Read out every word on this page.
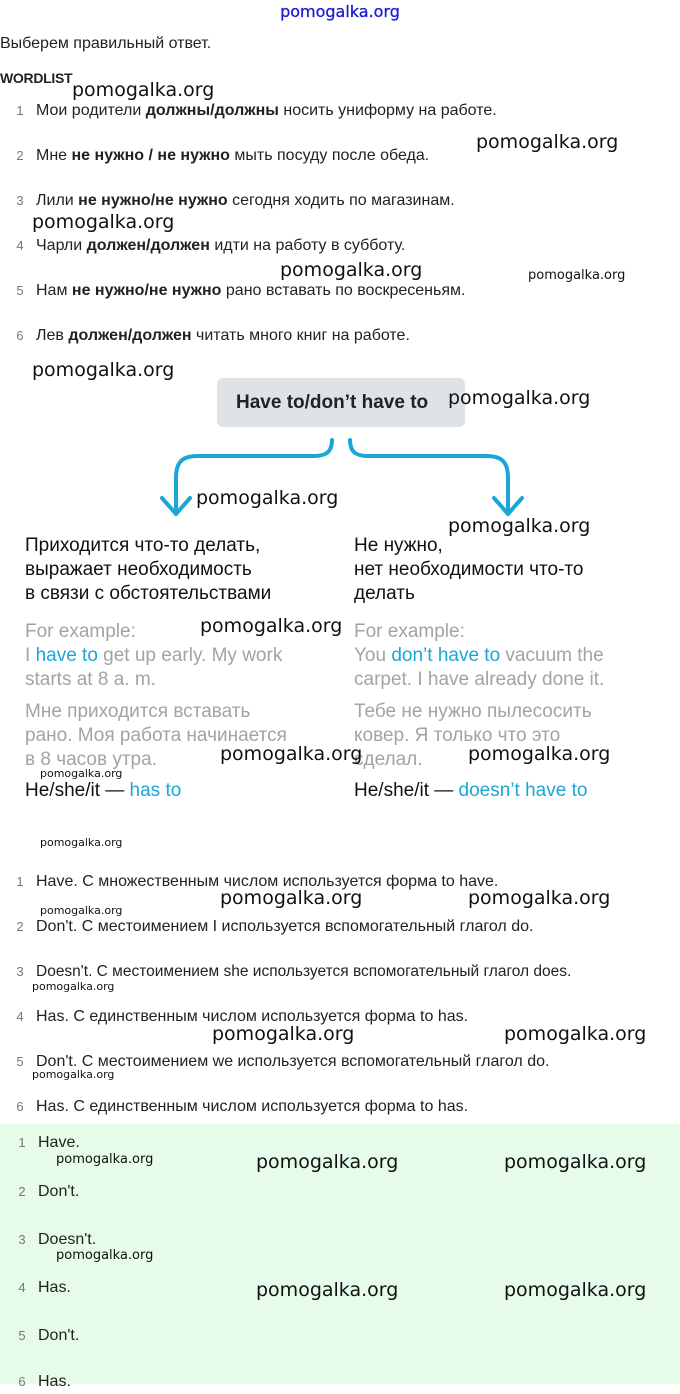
pomogalka.org
Выберем правильный ответ.
WORDLIST
1 Мои родители должны/должны носить униформу на работе.
2 Мне не нужно / не нужно мыть посуду после обеда.
3 Лили не нужно/не нужно сегодня ходить по магазинам.
4 Чарли должен/должен идти на работу в субботу.
5 Нам не нужно/не нужно рано вставать по воскресеньям.
6 Лев должен/должен читать много книг на работе.
Have to/don’t have to
Приходится что-то делать,
выражает необходимость
в связи с обстоятельствами
For example:
I have to get up early. My work
starts at 8 a. m.
Мне приходится вставать
рано. Моя работа начинается
в 8 часов утра.
He/she/it — has to
Не нужно,
нет необходимости что-то
делать
For example:
You don’t have to vacuum the
carpet. I have already done it.
Тебе не нужно пылесосить
ковер. Я только что это
сделал.
He/she/it — doesn’t have to
1 Have. С множественным числом используется форма to have.
2 Don't. С местоимением I используется вспомогательный глагол do.
3 Doesn't. С местоимением she используется вспомогательный глагол does.
4 Has. С единственным числом используется форма to has.
5 Don't. С местоимением we используется вспомогательный глагол do.
6 Has. С единственным числом используется форма to has.
1 Have.
2 Don't.
3 Doesn't.
4 Has.
5 Don't.
6 Has.
pomogalka.org
pomogalka.org
pomogalka.org
pomogalka.org	pomogalka.org
pomogalka.org
pomogalka.org
pomogalka.org
pomogalka.org
pomogalka.org
pomogalka.org	pomogalka.org
pomogalka.org
pomogalka.org
pomogalka.org	pomogalka.org
pomogalka.org
pomogalka.org
pomogalka.org	pomogalka.org
pomogalka.org
pomogalka.org	pomogalka.org	pomogalka.org
pomogalka.org
pomogalka.org	pomogalka.org
